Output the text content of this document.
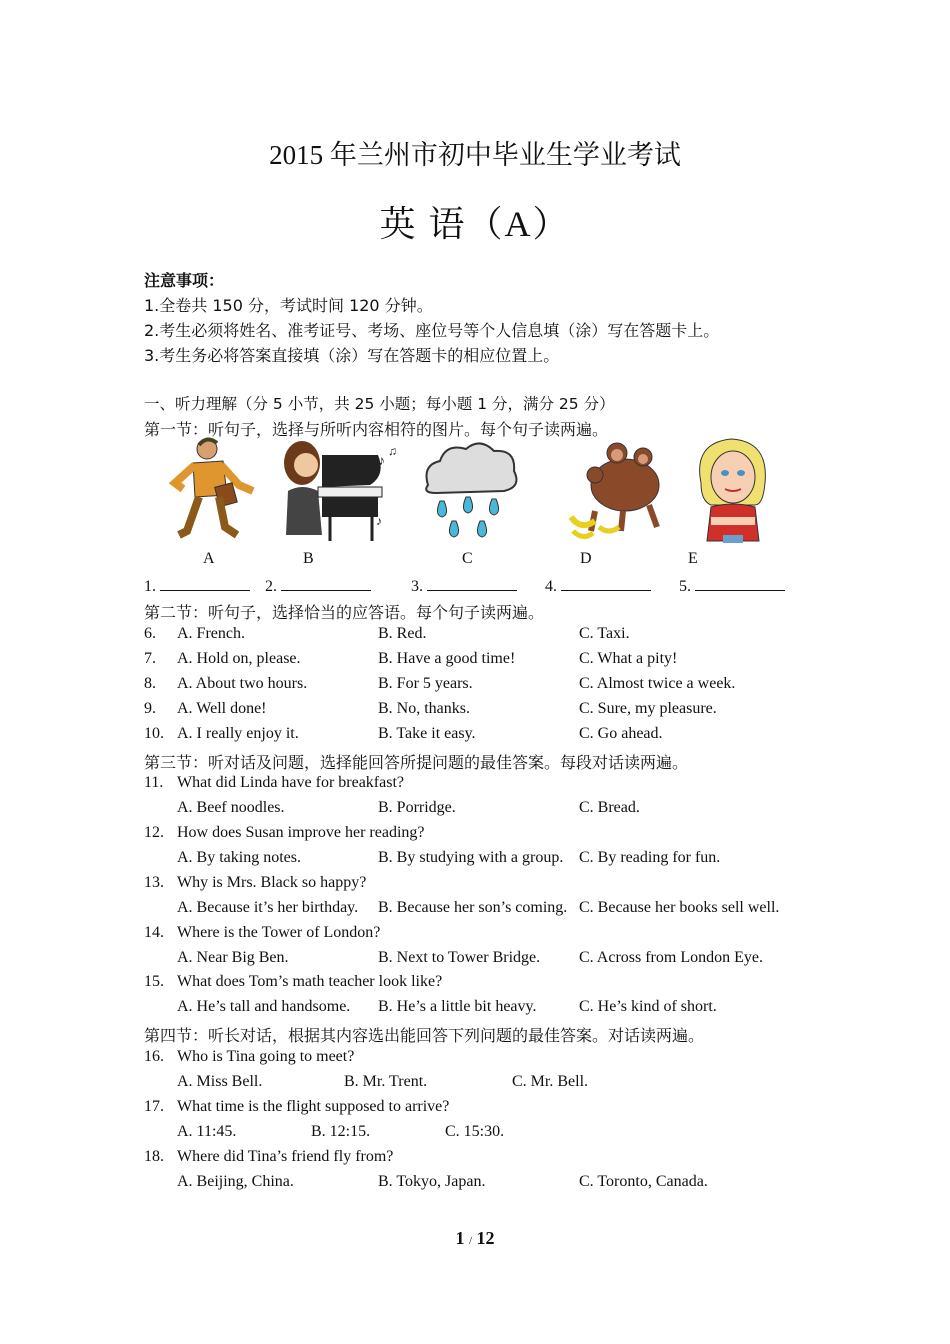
2015 年兰州市初中毕业生学业考试
英 语（A）
注意事项：
1.全卷共 150 分，考试时间 120 分钟。
2.考生必须将姓名、准考证号、考场、座位号等个人信息填（涂）写在答题卡上。
3.考生务必将答案直接填（涂）写在答题卡的相应位置上。
一、听力理解（分 5 小节，共 25 小题；每小题 1 分，满分 25 分）
第一节：听句子，选择与所听内容相符的图片。每个句子读两遍。
♪
♫
♪
A	B	C	D	E
1.	2.	3.	4.	5.
第二节：听句子，选择恰当的应答语。每个句子读两遍。
6. A. French.	B. Red.	C. Taxi.
7. A. Hold on, please.	B. Have a good time!	C. What a pity!
8. A. About two hours.	B. For 5 years.	C. Almost twice a week.
9. A. Well done!	B. No, thanks.	C. Sure, my pleasure.
10. A. I really enjoy it.	B. Take it easy.	C. Go ahead.
第三节：听对话及问题，选择能回答所提问题的最佳答案。每段对话读两遍。
11. What did Linda have for breakfast?
A. Beef noodles.	B. Porridge.	C. Bread.
12. How does Susan improve her reading?
A. By taking notes.	B. By studying with a group. C. By reading for fun.
13. Why is Mrs. Black so happy?
A. Because it’s her birthday. B. Because her son’s coming. C. Because her books sell well.
14. Where is the Tower of London?
A. Near Big Ben.	B. Next to Tower Bridge. C. Across from London Eye.
15. What does Tom’s math teacher look like?
A. He’s tall and handsome. B. He’s a little bit heavy.	C. He’s kind of short.
第四节：听长对话，根据其内容选出能回答下列问题的最佳答案。对话读两遍。
16. Who is Tina going to meet?
A. Miss Bell.	B. Mr. Trent.	C. Mr. Bell.
17. What time is the flight supposed to arrive?
A. 11:45.	B. 12:15.	C. 15:30.
18. Where did Tina’s friend fly from?
A. Beijing, China.	B. Tokyo, Japan.	C. Toronto, Canada.
1 / 12
